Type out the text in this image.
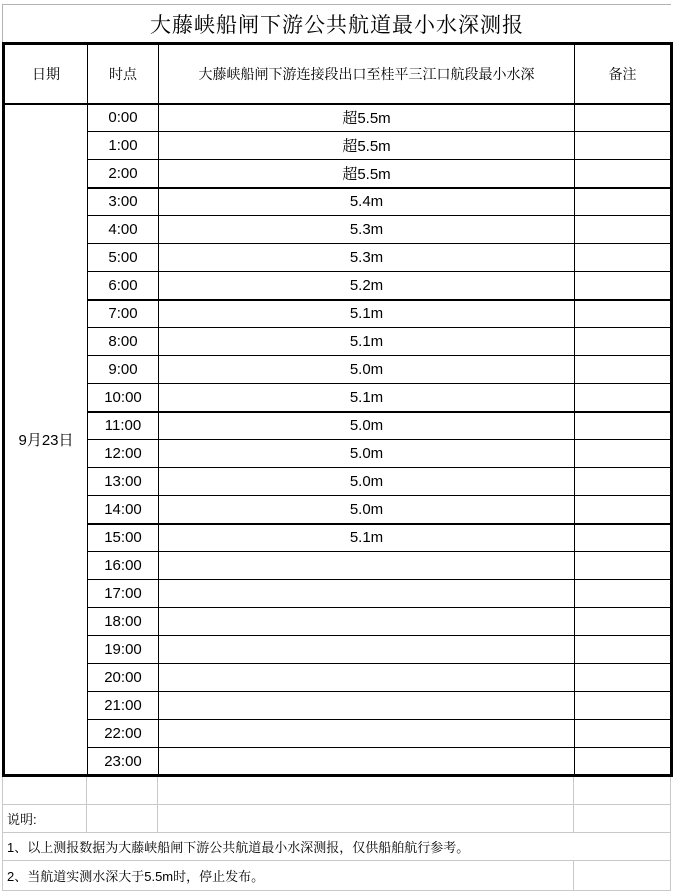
大藤峡船闸下游公共航道最小水深测报
日期	时点	大藤峡船闸下游连接段出口至桂平三江口航段最小水深	备注
9月23日	0:00	超5.5m	
	1:00	超5.5m	
	2:00	超5.5m	
	3:00	5.4m	
	4:00	5.3m	
	5:00	5.3m	
	6:00	5.2m	
	7:00	5.1m	
	8:00	5.1m	
	9:00	5.0m	
	10:00	5.1m	
	11:00	5.0m	
	12:00	5.0m	
	13:00	5.0m	
	14:00	5.0m	
	15:00	5.1m	
	16:00		
	17:00		
	18:00		
	19:00		
	20:00		
	21:00		
	22:00		
	23:00		

说明:			
1、以上测报数据为大藤峡船闸下游公共航道最小水深测报，仅供船舶航行参考。			
2、当航道实测水深大于5.5m时，停止发布。			
